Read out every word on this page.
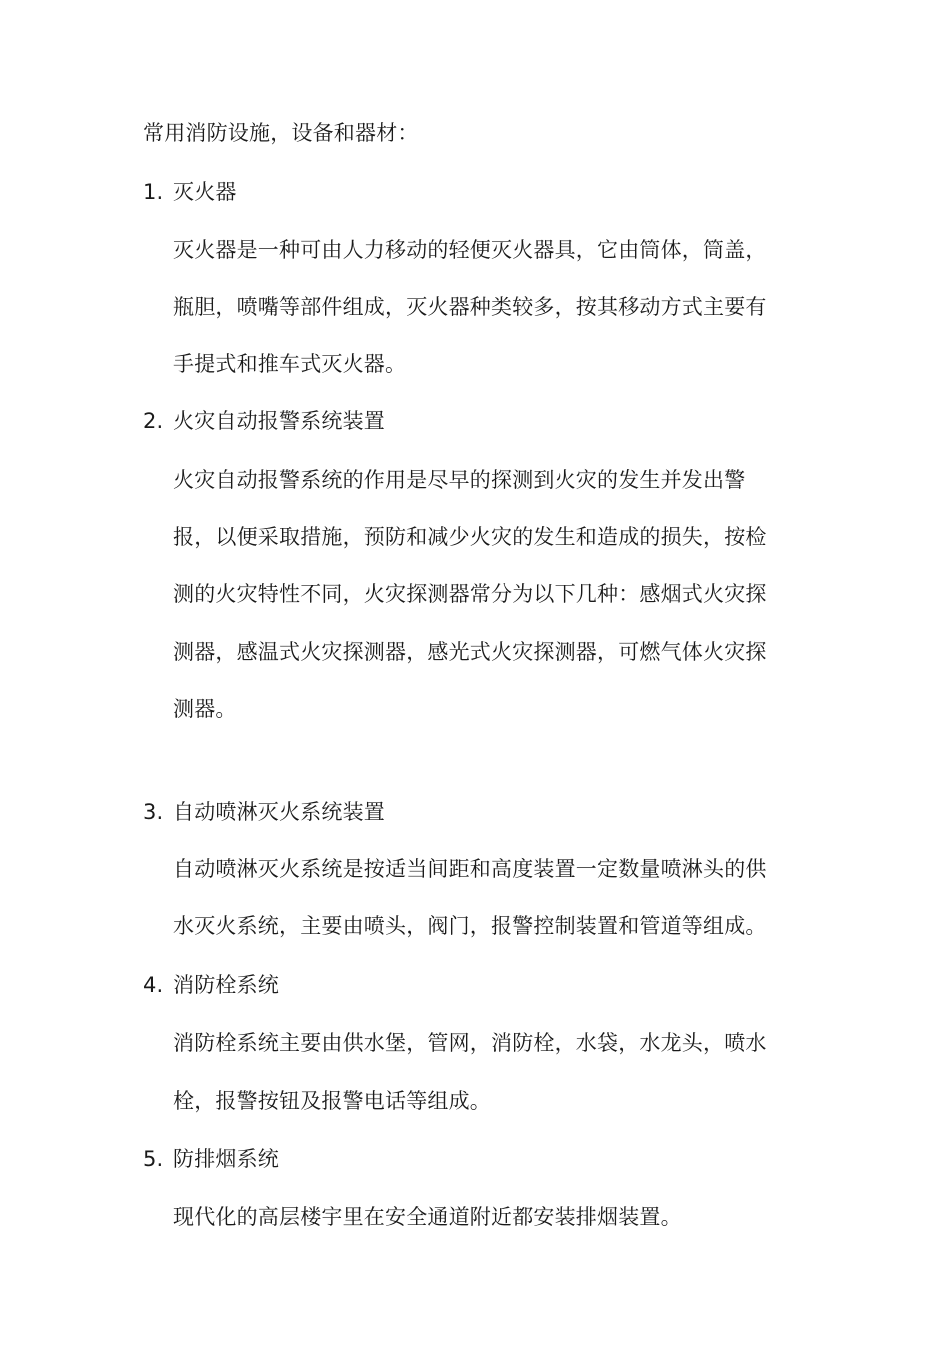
常用消防设施，设备和器材：
1. 灭火器
灭火器是一种可由人力移动的轻便灭火器具，它由筒体，筒盖，
瓶胆，喷嘴等部件组成，灭火器种类较多，按其移动方式主要有
手提式和推车式灭火器。
2. 火灾自动报警系统装置
火灾自动报警系统的作用是尽早的探测到火灾的发生并发出警
报，以便采取措施，预防和减少火灾的发生和造成的损失，按检
测的火灾特性不同，火灾探测器常分为以下几种：感烟式火灾探
测器，感温式火灾探测器，感光式火灾探测器，可燃气体火灾探
测器。
3. 自动喷淋灭火系统装置
自动喷淋灭火系统是按适当间距和高度装置一定数量喷淋头的供
水灭火系统，主要由喷头，阀门，报警控制装置和管道等组成。
4. 消防栓系统
消防栓系统主要由供水堡，管网，消防栓，水袋，水龙头，喷水
栓，报警按钮及报警电话等组成。
5. 防排烟系统
现代化的高层楼宇里在安全通道附近都安装排烟装置。
